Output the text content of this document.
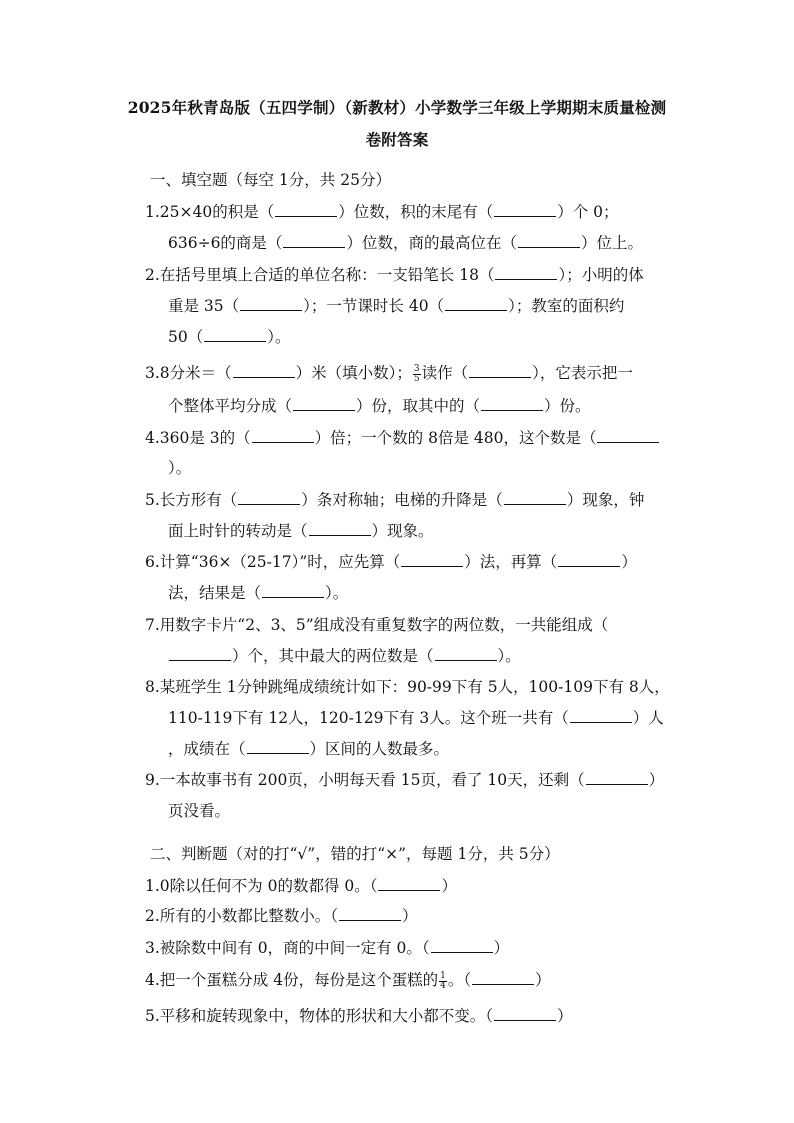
2025年秋青岛版（五四学制）（新教材）小学数学三年级上学期期末质量检测
卷附答案
一、填空题（每空 1分，共 25分）
1.25×40的积是（	）位数，积的末尾有（	）个 0；
636÷6的商是（	）位数，商的最高位在（	）位上。
2.在括号里填上合适的单位名称：一支铅笔长 18（	）；小明的体
重是 35（	）；一节课时长 40（	）；教室的面积约
50（	）。
3.8分米＝（	）米（填小数）； $\frac{3}{5}$ 读作（	），它表示把一
个整体平均分成（	）份，取其中的（	）份。
4.360是 3的（	）倍；一个数的 8倍是 480，这个数是（
）。
5.长方形有（	）条对称轴；电梯的升降是（	）现象，钟
面上时针的转动是（	）现象。
6.计算“36×（25-17）”时，应先算（	）法，再算（	）
法，结果是（	）。
7.用数字卡片“2、3、5”组成没有重复数字的两位数，一共能组成（
）个，其中最大的两位数是（	）。
8.某班学生 1分钟跳绳成绩统计如下：90-99下有 5人，100-109下有 8人，
110-119下有 12人，120-129下有 3人。这个班一共有（	）人
，成绩在（	）区间的人数最多。
9.一本故事书有 200页，小明每天看 15页，看了 10天，还剩（	）
页没看。
二、判断题（对的打“√”，错的打“×”，每题 1分，共 5分）
1.0除以任何不为 0的数都得 0。（	）
2.所有的小数都比整数小。（	）
3.被除数中间有 0，商的中间一定有 0。（	）
4.把一个蛋糕分成 4份，每份是这个蛋糕的 $\frac{1}{4}$ 。（	）
5.平移和旋转现象中，物体的形状和大小都不变。（	）
